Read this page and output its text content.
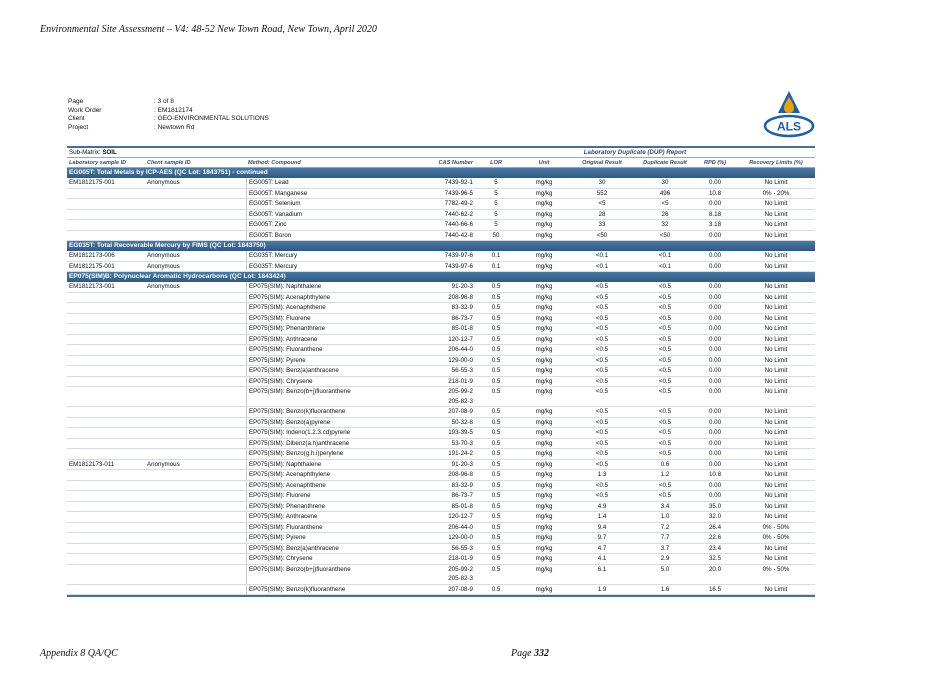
Environmental Site Assessment – V4: 48-52 New Town Road, New Town, April 2020
Page	: 3 of 8
Work Order	: EM1812174
Client	: GEO-ENVIRONMENTAL SOLUTIONS
Project	: Newtown Rd	ALS
Sub-Matrix: SOIL	Laboratory Duplicate (DUP) Report
Laboratory sample ID	Client sample ID	Method: Compound	CAS Number	LOR	Unit	Original Result	Duplicate Result	RPD (%)	Recovery Limits (%)
EG005T: Total Metals by ICP-AES (QC Lot: 1843751) - continued
EM1812175-001	Anonymous	EG005T: Lead	7439-92-1	5	mg/kg	30	30	0.00	No Limit
EG005T: Manganese	7439-96-5	5	mg/kg	552	496	10.8	0% - 20%
EG005T: Selenium	7782-49-2	5	mg/kg	<5	<5	0.00	No Limit
EG005T: Vanadium	7440-62-2	5	mg/kg	28	26	8.18	No Limit
EG005T: Zinc	7440-66-6	5	mg/kg	33	32	3.18	No Limit
EG005T: Boron	7440-42-8	50	mg/kg	<50	<50	0.00	No Limit
EG035T: Total Recoverable Mercury by FIMS (QC Lot: 1843750)
EM1812173-006	Anonymous	EG035T: Mercury	7439-97-6	0.1	mg/kg	<0.1	<0.1	0.00	No Limit
EM1812175-001	Anonymous	EG035T: Mercury	7439-97-6	0.1	mg/kg	<0.1	<0.1	0.00	No Limit
EP075(SIM)B: Polynuclear Aromatic Hydrocarbons (QC Lot: 1843424)
EM1812173-001	Anonymous	EP075(SIM): Naphthalene	91-20-3	0.5	mg/kg	<0.5	<0.5	0.00	No Limit
EP075(SIM): Acenaphthylene	208-96-8	0.5	mg/kg	<0.5	<0.5	0.00	No Limit
EP075(SIM): Acenaphthene	83-32-9	0.5	mg/kg	<0.5	<0.5	0.00	No Limit
EP075(SIM): Fluorene	86-73-7	0.5	mg/kg	<0.5	<0.5	0.00	No Limit
EP075(SIM): Phenanthrene	85-01-8	0.5	mg/kg	<0.5	<0.5	0.00	No Limit
EP075(SIM): Anthracene	120-12-7	0.5	mg/kg	<0.5	<0.5	0.00	No Limit
EP075(SIM): Fluoranthene	206-44-0	0.5	mg/kg	<0.5	<0.5	0.00	No Limit
EP075(SIM): Pyrene	129-00-0	0.5	mg/kg	<0.5	<0.5	0.00	No Limit
EP075(SIM): Benz(a)anthracene	56-55-3	0.5	mg/kg	<0.5	<0.5	0.00	No Limit
EP075(SIM): Chrysene	218-01-9	0.5	mg/kg	<0.5	<0.5	0.00	No Limit
EP075(SIM): Benzo(b+j)fluoranthene	205-99-2
205-82-3
0.5	mg/kg	<0.5	<0.5	0.00	No Limit
EP075(SIM): Benzo(k)fluoranthene	207-08-9	0.5	mg/kg	<0.5	<0.5	0.00	No Limit
EP075(SIM): Benzo(a)pyrene	50-32-8	0.5	mg/kg	<0.5	<0.5	0.00	No Limit
EP075(SIM): Indeno(1.2.3.cd)pyrene	193-39-5	0.5	mg/kg	<0.5	<0.5	0.00	No Limit
EP075(SIM): Dibenz(a.h)anthracene	53-70-3	0.5	mg/kg	<0.5	<0.5	0.00	No Limit
EP075(SIM): Benzo(g.h.i)perylene	191-24-2	0.5	mg/kg	<0.5	<0.5	0.00	No Limit
EM1812173-011	Anonymous	EP075(SIM): Naphthalene	91-20-3	0.5	mg/kg	<0.5	0.6	0.00	No Limit
EP075(SIM): Acenaphthylene	208-96-8	0.5	mg/kg	1.3	1.2	10.8	No Limit
EP075(SIM): Acenaphthene	83-32-9	0.5	mg/kg	<0.5	<0.5	0.00	No Limit
EP075(SIM): Fluorene	86-73-7	0.5	mg/kg	<0.5	<0.5	0.00	No Limit
EP075(SIM): Phenanthrene	85-01-8	0.5	mg/kg	4.9	3.4	35.0	No Limit
EP075(SIM): Anthracene	120-12-7	0.5	mg/kg	1.4	1.0	32.0	No Limit
EP075(SIM): Fluoranthene	206-44-0	0.5	mg/kg	9.4	7.2	26.4	0% - 50%
EP075(SIM): Pyrene	129-00-0	0.5	mg/kg	9.7	7.7	22.6	0% - 50%
EP075(SIM): Benz(a)anthracene	56-55-3	0.5	mg/kg	4.7	3.7	23.4	No Limit
EP075(SIM): Chrysene	218-01-9	0.5	mg/kg	4.1	2.9	32.5	No Limit
EP075(SIM): Benzo(b+j)fluoranthene	205-99-2
205-82-3
0.5	mg/kg	6.1	5.0	20.0	0% - 50%
EP075(SIM): Benzo(k)fluoranthene	207-08-9	0.5	mg/kg	1.9	1.6	16.5	No Limit
Appendix 8 QA/QC	Page 332
